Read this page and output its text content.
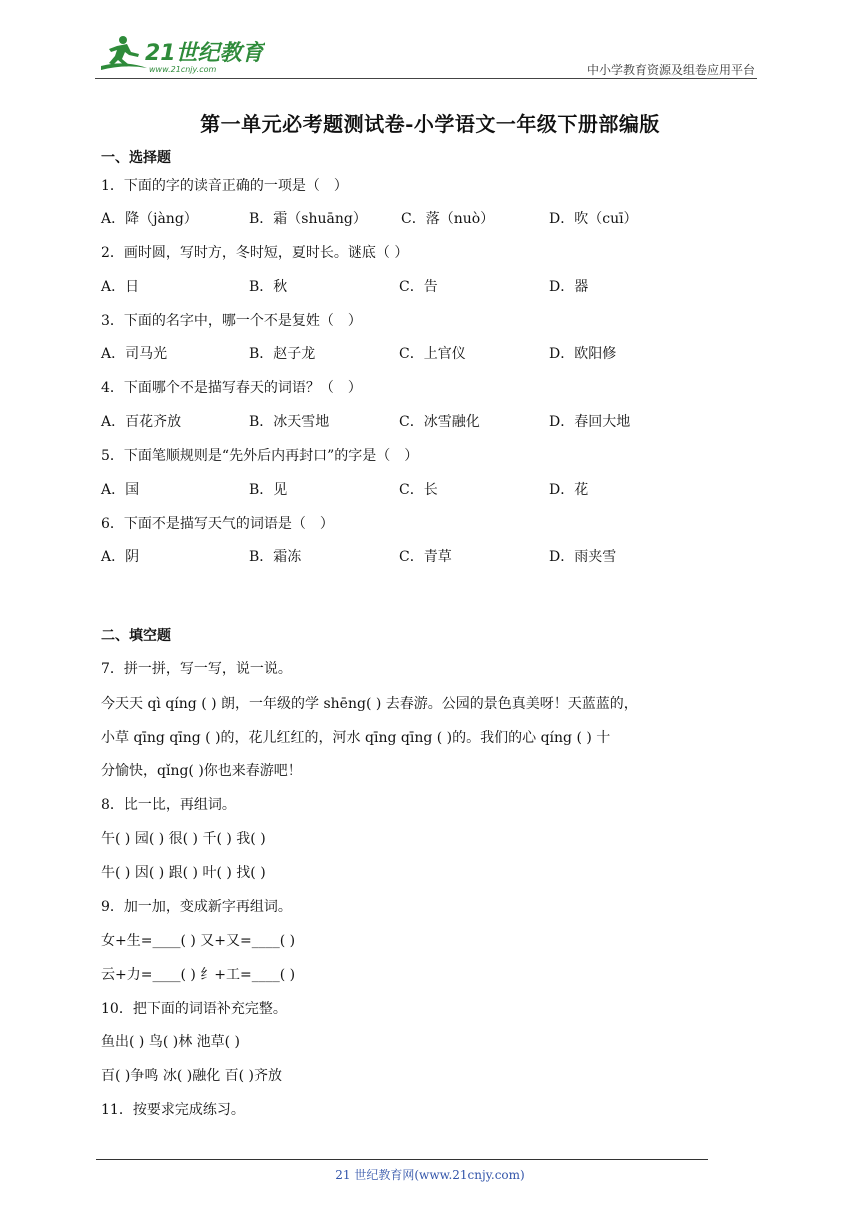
21世纪教育
www.21cnjy.com	中小学教育资源及组卷应用平台
第一单元必考题测试卷-小学语文一年级下册部编版
一、选择题
1．下面的字的读音正确的一项是（　）
A．降（jàng）	B．霜（shuāng） C．落（nuò）	D．吹（cuī）
2．画时圆，写时方，冬时短，夏时长。谜底（ ）
A．日	B．秋	C．告	D．器
3．下面的名字中，哪一个不是复姓（　）
A．司马光	B．赵子龙	C．上官仪	D．欧阳修
4．下面哪个不是描写春天的词语？（　）
A．百花齐放	B．冰天雪地	C．冰雪融化	D．春回大地
5．下面笔顺规则是“先外后内再封口”的字是（　）
A．国	B．见	C．长	D．花
6．下面不是描写天气的词语是（　）
A．阴	B．霜冻	C．青草	D．雨夹雪
二、填空题
7．拼一拼，写一写，说一说。
今天天 qì qíng ( ) 朗，一年级的学 shēng( ) 去春游。公园的景色真美呀！天蓝蓝的，
小草 qīng qīng ( )的，花儿红红的，河水 qīng qīng ( )的。我们的心 qíng ( ) 十
分愉快，qǐng( )你也来春游吧！
8．比一比，再组词。
午( ) 园( ) 很( ) 千( ) 我( )
牛( ) 因( ) 跟( ) 叶( ) 找( )
9．加一加，变成新字再组词。
女+生=____( ) 又+又=____( )
云+力=____( ) 纟+工=____( )
10．把下面的词语补充完整。
鱼出( ) 鸟( )林 池草( )
百( )争鸣 冰( )融化 百( )齐放
11．按要求完成练习。
21 世纪教育网(www.21cnjy.com)
